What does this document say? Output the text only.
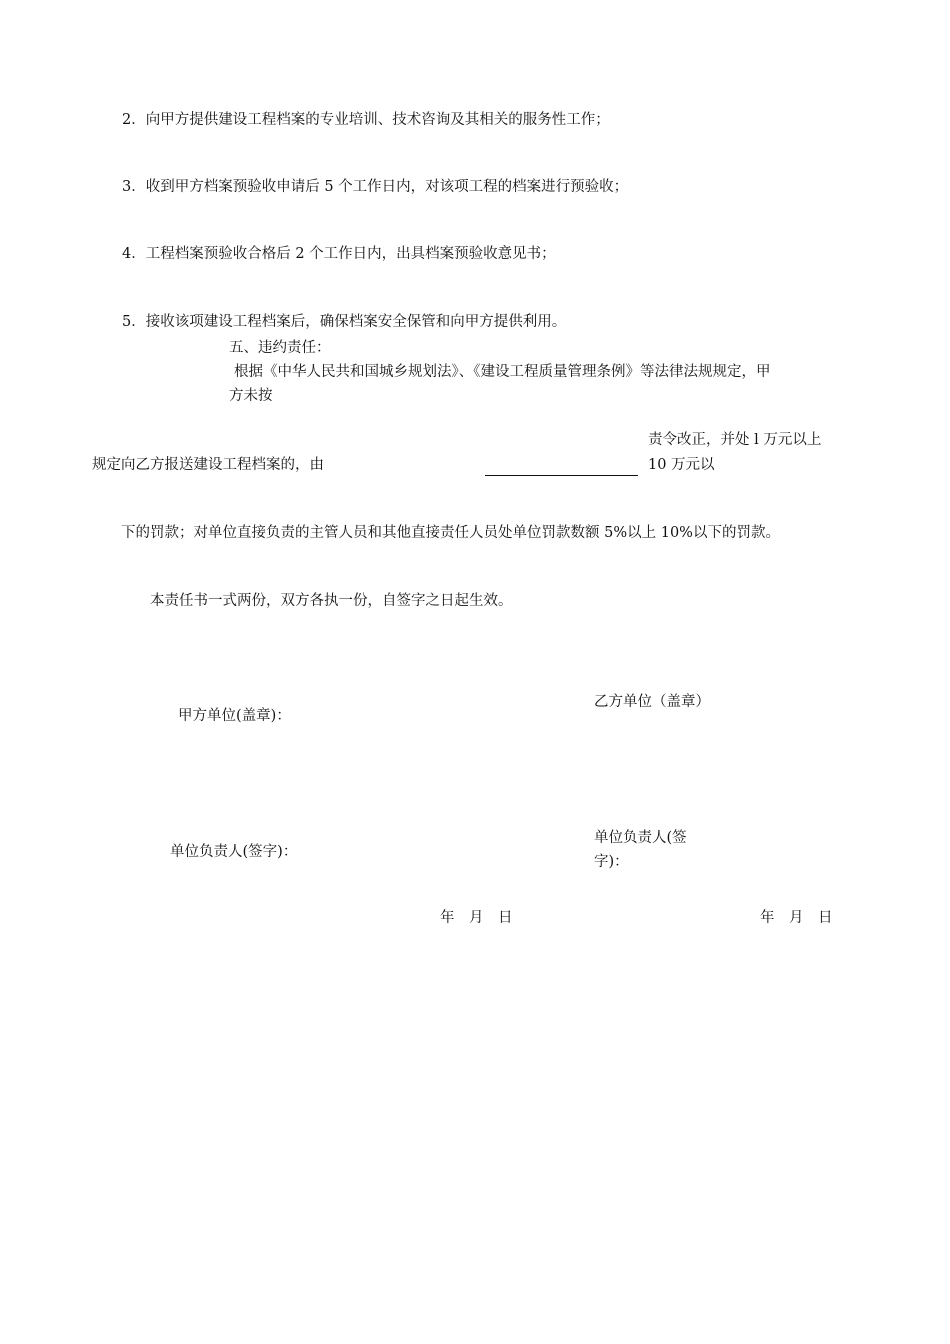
2．向甲方提供建设工程档案的专业培训、技术咨询及其相关的服务性工作；
3．收到甲方档案预验收申请后 5 个工作日内，对该项工程的档案进行预验收；
4．工程档案预验收合格后 2 个工作日内，出具档案预验收意见书；
5．接收该项建设工程档案后，确保档案安全保管和向甲方提供利用。
五、违约责任：
根据《中华人民共和国城乡规划法》、《建设工程质量管理条例》等法律法规规定，甲
方未按
规定向乙方报送建设工程档案的，由
责令改正，并处 l 万元以上
10 万元以
下的罚款；对单位直接负责的主管人员和其他直接责任人员处单位罚款数额 5%以上 10%以下的罚款。
本责任书一式两份，双方各执一份，自签字之日起生效。
甲方单位(盖章)：
乙方单位（盖章）
单位负责人(签字)：
单位负责人(签字)：
年　月　日	年　月　日
